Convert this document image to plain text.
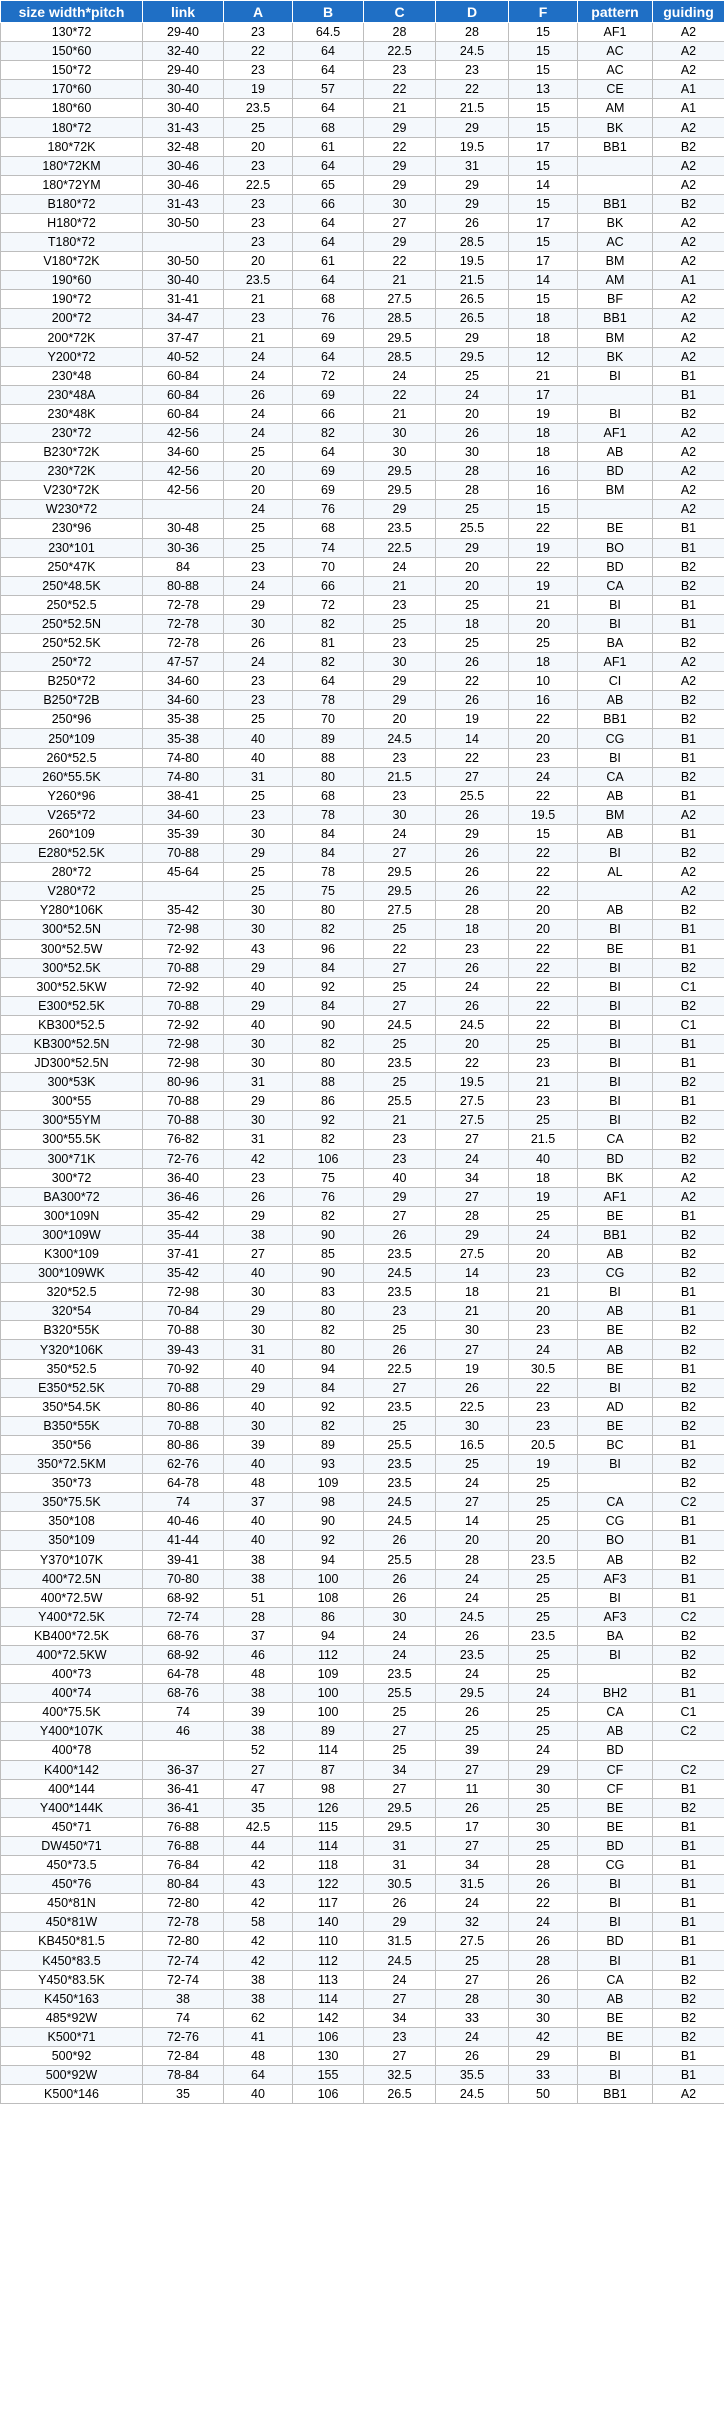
size width*pitch	link	A	B	C	D	F	pattern	guiding
130*72	29-40	23	64.5	28	28	15	AF1	A2
150*60	32-40	22	64	22.5	24.5	15	AC	A2
150*72	29-40	23	64	23	23	15	AC	A2
170*60	30-40	19	57	22	22	13	CE	A1
180*60	30-40	23.5	64	21	21.5	15	AM	A1
180*72	31-43	25	68	29	29	15	BK	A2
180*72K	32-48	20	61	22	19.5	17	BB1	B2
180*72KM	30-46	23	64	29	31	15		A2
180*72YM	30-46	22.5	65	29	29	14		A2
B180*72	31-43	23	66	30	29	15	BB1	B2
H180*72	30-50	23	64	27	26	17	BK	A2
T180*72		23	64	29	28.5	15	AC	A2
V180*72K	30-50	20	61	22	19.5	17	BM	A2
190*60	30-40	23.5	64	21	21.5	14	AM	A1
190*72	31-41	21	68	27.5	26.5	15	BF	A2
200*72	34-47	23	76	28.5	26.5	18	BB1	A2
200*72K	37-47	21	69	29.5	29	18	BM	A2
Y200*72	40-52	24	64	28.5	29.5	12	BK	A2
230*48	60-84	24	72	24	25	21	BI	B1
230*48A	60-84	26	69	22	24	17		B1
230*48K	60-84	24	66	21	20	19	BI	B2
230*72	42-56	24	82	30	26	18	AF1	A2
B230*72K	34-60	25	64	30	30	18	AB	A2
230*72K	42-56	20	69	29.5	28	16	BD	A2
V230*72K	42-56	20	69	29.5	28	16	BM	A2
W230*72		24	76	29	25	15		A2
230*96	30-48	25	68	23.5	25.5	22	BE	B1
230*101	30-36	25	74	22.5	29	19	BO	B1
250*47K	84	23	70	24	20	22	BD	B2
250*48.5K	80-88	24	66	21	20	19	CA	B2
250*52.5	72-78	29	72	23	25	21	BI	B1
250*52.5N	72-78	30	82	25	18	20	BI	B1
250*52.5K	72-78	26	81	23	25	25	BA	B2
250*72	47-57	24	82	30	26	18	AF1	A2
B250*72	34-60	23	64	29	22	10	CI	A2
B250*72B	34-60	23	78	29	26	16	AB	B2
250*96	35-38	25	70	20	19	22	BB1	B2
250*109	35-38	40	89	24.5	14	20	CG	B1
260*52.5	74-80	40	88	23	22	23	BI	B1
260*55.5K	74-80	31	80	21.5	27	24	CA	B2
Y260*96	38-41	25	68	23	25.5	22	AB	B1
V265*72	34-60	23	78	30	26	19.5	BM	A2
260*109	35-39	30	84	24	29	15	AB	B1
E280*52.5K	70-88	29	84	27	26	22	BI	B2
280*72	45-64	25	78	29.5	26	22	AL	A2
V280*72		25	75	29.5	26	22		A2
Y280*106K	35-42	30	80	27.5	28	20	AB	B2
300*52.5N	72-98	30	82	25	18	20	BI	B1
300*52.5W	72-92	43	96	22	23	22	BE	B1
300*52.5K	70-88	29	84	27	26	22	BI	B2
300*52.5KW	72-92	40	92	25	24	22	BI	C1
E300*52.5K	70-88	29	84	27	26	22	BI	B2
KB300*52.5	72-92	40	90	24.5	24.5	22	BI	C1
KB300*52.5N	72-98	30	82	25	20	25	BI	B1
JD300*52.5N	72-98	30	80	23.5	22	23	BI	B1
300*53K	80-96	31	88	25	19.5	21	BI	B2
300*55	70-88	29	86	25.5	27.5	23	BI	B1
300*55YM	70-88	30	92	21	27.5	25	BI	B2
300*55.5K	76-82	31	82	23	27	21.5	CA	B2
300*71K	72-76	42	106	23	24	40	BD	B2
300*72	36-40	23	75	40	34	18	BK	A2
BA300*72	36-46	26	76	29	27	19	AF1	A2
300*109N	35-42	29	82	27	28	25	BE	B1
300*109W	35-44	38	90	26	29	24	BB1	B2
K300*109	37-41	27	85	23.5	27.5	20	AB	B2
300*109WK	35-42	40	90	24.5	14	23	CG	B2
320*52.5	72-98	30	83	23.5	18	21	BI	B1
320*54	70-84	29	80	23	21	20	AB	B1
B320*55K	70-88	30	82	25	30	23	BE	B2
Y320*106K	39-43	31	80	26	27	24	AB	B2
350*52.5	70-92	40	94	22.5	19	30.5	BE	B1
E350*52.5K	70-88	29	84	27	26	22	BI	B2
350*54.5K	80-86	40	92	23.5	22.5	23	AD	B2
B350*55K	70-88	30	82	25	30	23	BE	B2
350*56	80-86	39	89	25.5	16.5	20.5	BC	B1
350*72.5KM	62-76	40	93	23.5	25	19	BI	B2
350*73	64-78	48	109	23.5	24	25		B2
350*75.5K	74	37	98	24.5	27	25	CA	C2
350*108	40-46	40	90	24.5	14	25	CG	B1
350*109	41-44	40	92	26	20	20	BO	B1
Y370*107K	39-41	38	94	25.5	28	23.5	AB	B2
400*72.5N	70-80	38	100	26	24	25	AF3	B1
400*72.5W	68-92	51	108	26	24	25	BI	B1
Y400*72.5K	72-74	28	86	30	24.5	25	AF3	C2
KB400*72.5K	68-76	37	94	24	26	23.5	BA	B2
400*72.5KW	68-92	46	112	24	23.5	25	BI	B2
400*73	64-78	48	109	23.5	24	25		B2
400*74	68-76	38	100	25.5	29.5	24	BH2	B1
400*75.5K	74	39	100	25	26	25	CA	C1
Y400*107K	46	38	89	27	25	25	AB	C2
400*78		52	114	25	39	24	BD	
K400*142	36-37	27	87	34	27	29	CF	C2
400*144	36-41	47	98	27	11	30	CF	B1
Y400*144K	36-41	35	126	29.5	26	25	BE	B2
450*71	76-88	42.5	115	29.5	17	30	BE	B1
DW450*71	76-88	44	114	31	27	25	BD	B1
450*73.5	76-84	42	118	31	34	28	CG	B1
450*76	80-84	43	122	30.5	31.5	26	BI	B1
450*81N	72-80	42	117	26	24	22	BI	B1
450*81W	72-78	58	140	29	32	24	BI	B1
KB450*81.5	72-80	42	110	31.5	27.5	26	BD	B1
K450*83.5	72-74	42	112	24.5	25	28	BI	B1
Y450*83.5K	72-74	38	113	24	27	26	CA	B2
K450*163	38	38	114	27	28	30	AB	B2
485*92W	74	62	142	34	33	30	BE	B2
K500*71	72-76	41	106	23	24	42	BE	B2
500*92	72-84	48	130	27	26	29	BI	B1
500*92W	78-84	64	155	32.5	35.5	33	BI	B1
K500*146	35	40	106	26.5	24.5	50	BB1	A2
